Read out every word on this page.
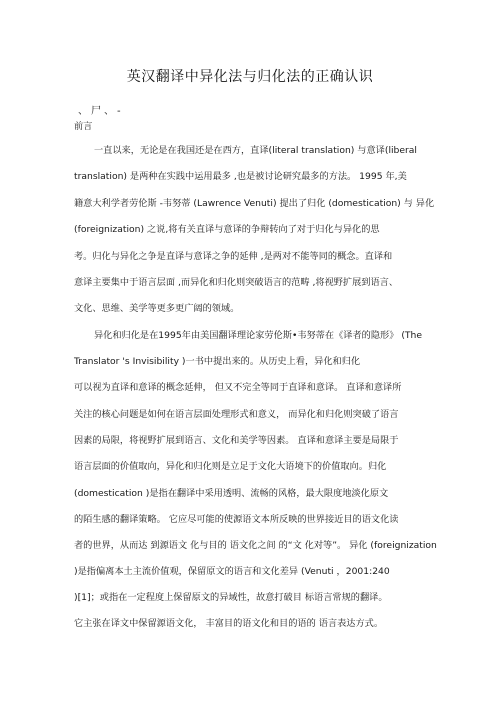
英汉翻译中异化法与归化法的正确认识
、尸、-
前言
一直以来，无论是在我国还是在西方，直译(literal translation) 与意译(liberal
translation) 是两种在实践中运用最多 ,也是被讨论研究最多的方法。 1995 年,美
籍意大利学者劳伦斯 -韦努蒂 (Lawrence Venuti) 提出了归化 (domestication) 与 异化
(foreignization) 之说,将有关直译与意译的争辩转向了对于归化与异化的思
考。归化与异化之争是直译与意译之争的延伸 ,是两对不能等同的概念。直译和
意译主要集中于语言层面 ,而异化和归化则突破语言的范畴 ,将视野扩展到语言、
文化、思维、美学等更多更广阔的领域。
异化和归化是在1995年由美国翻译理论家劳伦斯•韦努蒂在《译者的隐形》 (The
Translator 's Invisibility )一书中提出来的。从历史上看，异化和归化
可以视为直译和意译的概念延伸， 但又不完全等同于直译和意译。 直译和意译所
关注的核心问题是如何在语言层面处理形式和意义， 而异化和归化则突破了语言
因素的局限，将视野扩展到语言、文化和美学等因素。 直译和意译主要是局限于
语言层面的价值取向，异化和归化则是立足于文化大语境下的价值取向。归化
(domestication )是指在翻译中采用透明、流畅的风格，最大限度地淡化原文
的陌生感的翻译策略。 它应尽可能的使源语文本所反映的世界接近目的语文化读
者的世界，从而达 到源语文 化与目的 语文化之间 的“文 化对等”。 异化 (foreignization
)是指偏离本土主流价值观，保留原文的语言和文化差异 (Venuti ，2001:240
)[1]；或指在一定程度上保留原文的异域性，故意打破目 标语言常规的翻译。
它主张在译文中保留源语文化， 丰富目的语文化和目的语的 语言表达方式。
